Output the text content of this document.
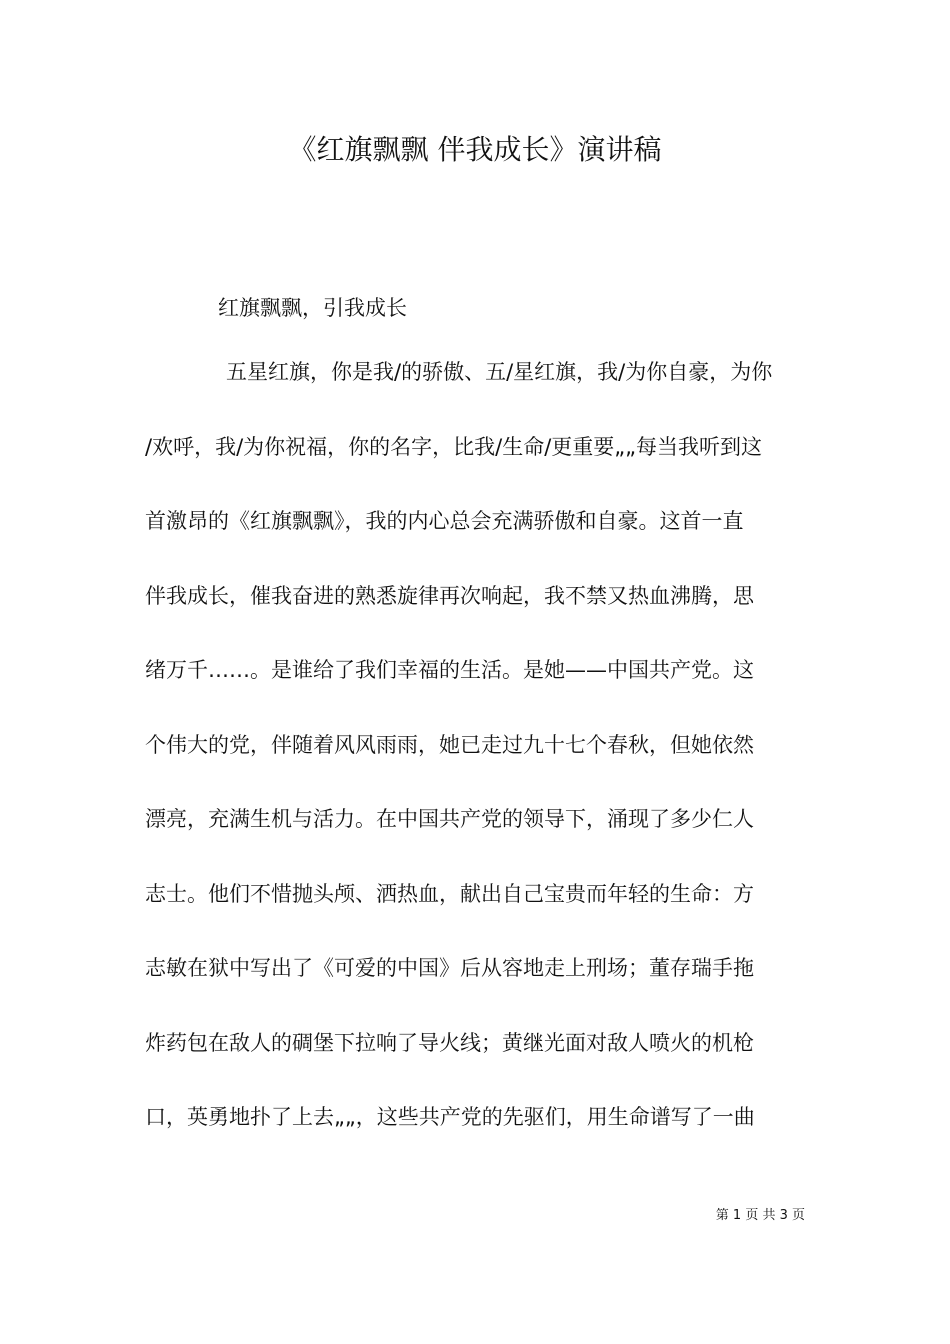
《红旗飘飘 伴我成长》演讲稿
红旗飘飘，引我成长
五星红旗，你是我/的骄傲、五/星红旗，我/为你自豪，为你
/欢呼，我/为你祝福，你的名字，比我/生命/更重要„„每当我听到这
首激昂的《红旗飘飘》，我的内心总会充满骄傲和自豪。这首一直
伴我成长，催我奋进的熟悉旋律再次响起，我不禁又热血沸腾，思
绪万千……。是谁给了我们幸福的生活。是她——中国共产党。这
个伟大的党，伴随着风风雨雨，她已走过九十七个春秋，但她依然
漂亮，充满生机与活力。在中国共产党的领导下，涌现了多少仁人
志士。他们不惜抛头颅、洒热血，献出自己宝贵而年轻的生命：方
志敏在狱中写出了《可爱的中国》后从容地走上刑场；董存瑞手拖
炸药包在敌人的碉堡下拉响了导火线；黄继光面对敌人喷火的机枪
口，英勇地扑了上去„„，这些共产党的先驱们，用生命谱写了一曲
第 1 页 共 3 页
